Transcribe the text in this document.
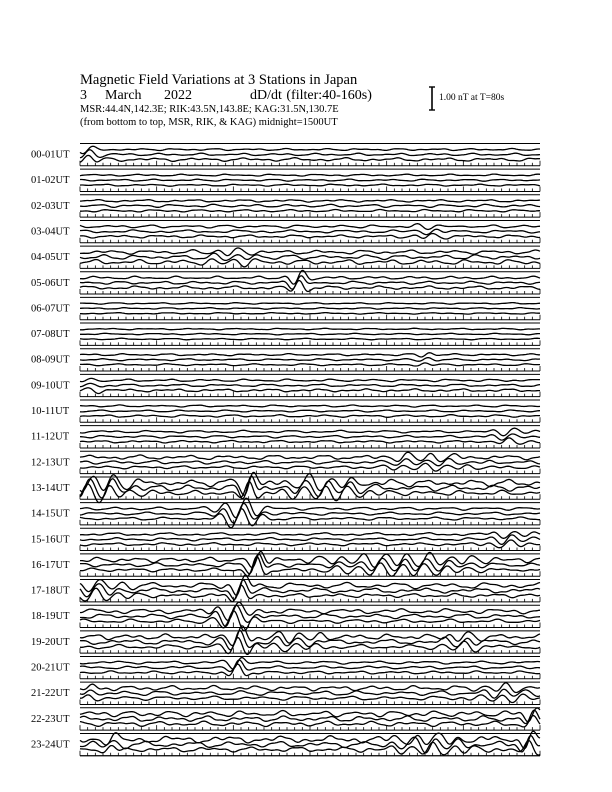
Magnetic Field Variations at 3 Stations in Japan
3    March     2022	dD/dt (filter:40-160s)
MSR:44.4N,142.3E; RIK:43.5N,143.8E; KAG:31.5N,130.7E
(from bottom to top, MSR, RIK, & KAG) midnight=1500UT
1.00 nT at T=80s
00-01UT
01-02UT
02-03UT
03-04UT
04-05UT
05-06UT
06-07UT
07-08UT
08-09UT
09-10UT
10-11UT
11-12UT
12-13UT
13-14UT
14-15UT
15-16UT
16-17UT
17-18UT
18-19UT
19-20UT
20-21UT
21-22UT
22-23UT
23-24UT
